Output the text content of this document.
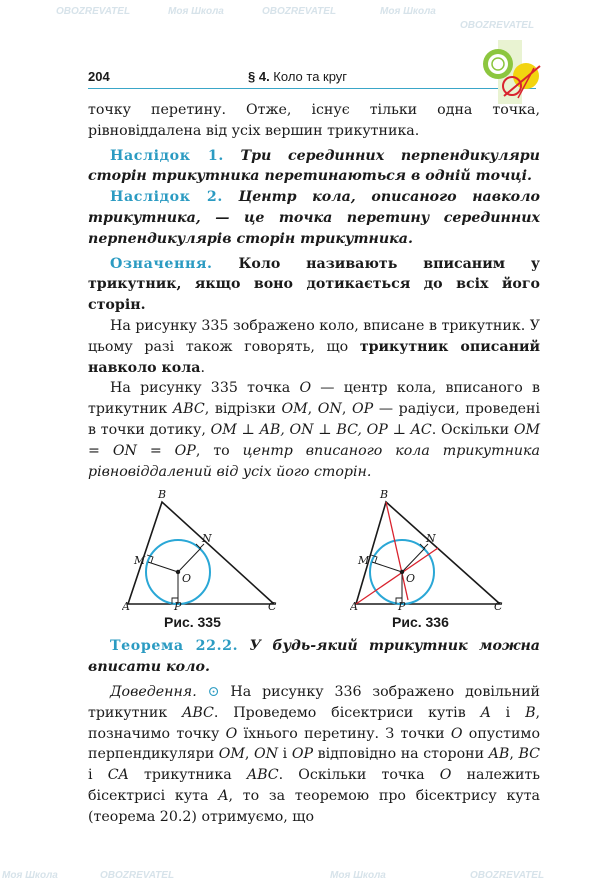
OBOZREVATEL	Моя Школа	OBOZREVATEL	Моя Школа
OBOZREVATEL
Моя Школа	OBOZREVATEL	Моя Школа	OBOZREVATEL
204	§ 4. Коло та круг

точку перетину. Отже, існує тільки одна точка, рівновіддалена від усіх вершин трикутника.

Наслідок 1. Три серединних перпендикуляри сторін трикутника перетинаються в одній точці.

Наслідок 2. Центр кола, описаного навколо трикутника, — це точка перетину серединних перпендикулярів сторін трикутника.

Означення. Коло називають вписаним у трикутник, якщо воно дотикається до всіх його сторін.

На рисунку 335 зображено коло, вписане в трикутник. У цьому разі також говорять, що трикутник описаний навколо кола.

На рисунку 335 точка O — центр кола, вписаного в трикутник ABC, відрізки OM, ON, OP — радіуси, проведені в точки дотику, OM ⊥ AB, ON ⊥ BC, OP ⊥ AC. Оскільки OM = ON = OP, то центр вписаного кола трикутника рівновіддалений від усіх його сторін.

A
B
C
M
N
O
P
Рис. 335
A
B
C
M
N
O
P
Рис. 336

Теорема 22.2. У будь-який трикутник можна вписати коло.

Доведення. ⊙ На рисунку 336 зображено довільний трикутник ABC. Проведемо бісектриси кутів A і B, позначимо точку O їхнього перетину. З точки O опустимо перпендикуляри OM, ON і OP відповідно на сторони AB, BC і CA трикутника ABC. Оскільки точка O належить бісектрисі кута A, то за теоремою про бісектрису кута (теорема 20.2) отримуємо, що
